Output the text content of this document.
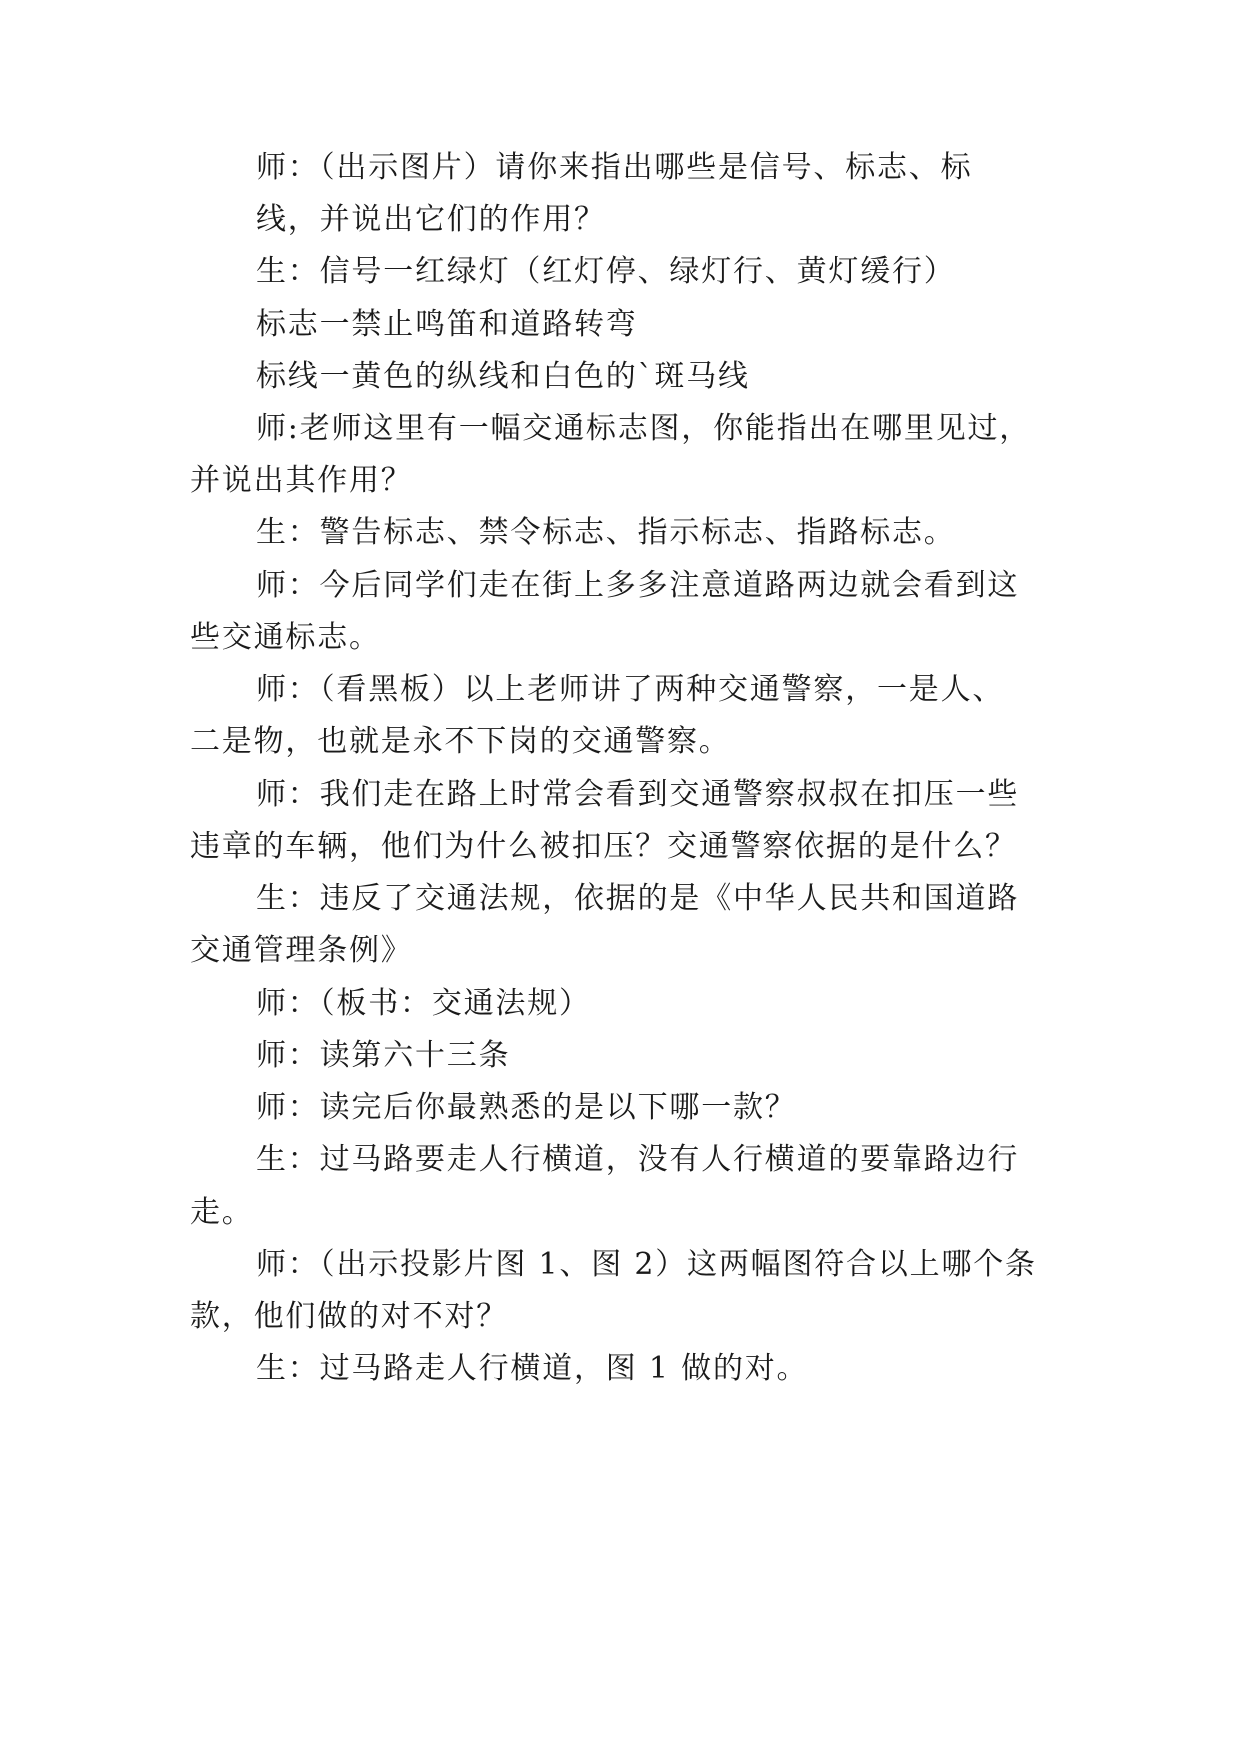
师：（出示图片）请你来指出哪些是信号、标志、标
线，并说出它们的作用？
生：信号一红绿灯（红灯停、绿灯行、黄灯缓行）
标志一禁止鸣笛和道路转弯
标线一黄色的纵线和白色的`斑马线
师:老师这里有一幅交通标志图，你能指出在哪里见过，
并说出其作用？
生：警告标志、禁令标志、指示标志、指路标志。
师：今后同学们走在街上多多注意道路两边就会看到这
些交通标志。
师：（看黑板）以上老师讲了两种交通警察，一是人、
二是物，也就是永不下岗的交通警察。
师：我们走在路上时常会看到交通警察叔叔在扣压一些
违章的车辆，他们为什么被扣压？交通警察依据的是什么？
生：违反了交通法规，依据的是《中华人民共和国道路
交通管理条例》
师：（板书：交通法规）
师：读第六十三条
师：读完后你最熟悉的是以下哪一款？
生：过马路要走人行横道，没有人行横道的要靠路边行
走。
师：（出示投影片图 1、图 2）这两幅图符合以上哪个条
款，他们做的对不对？
生：过马路走人行横道，图 1 做的对。
